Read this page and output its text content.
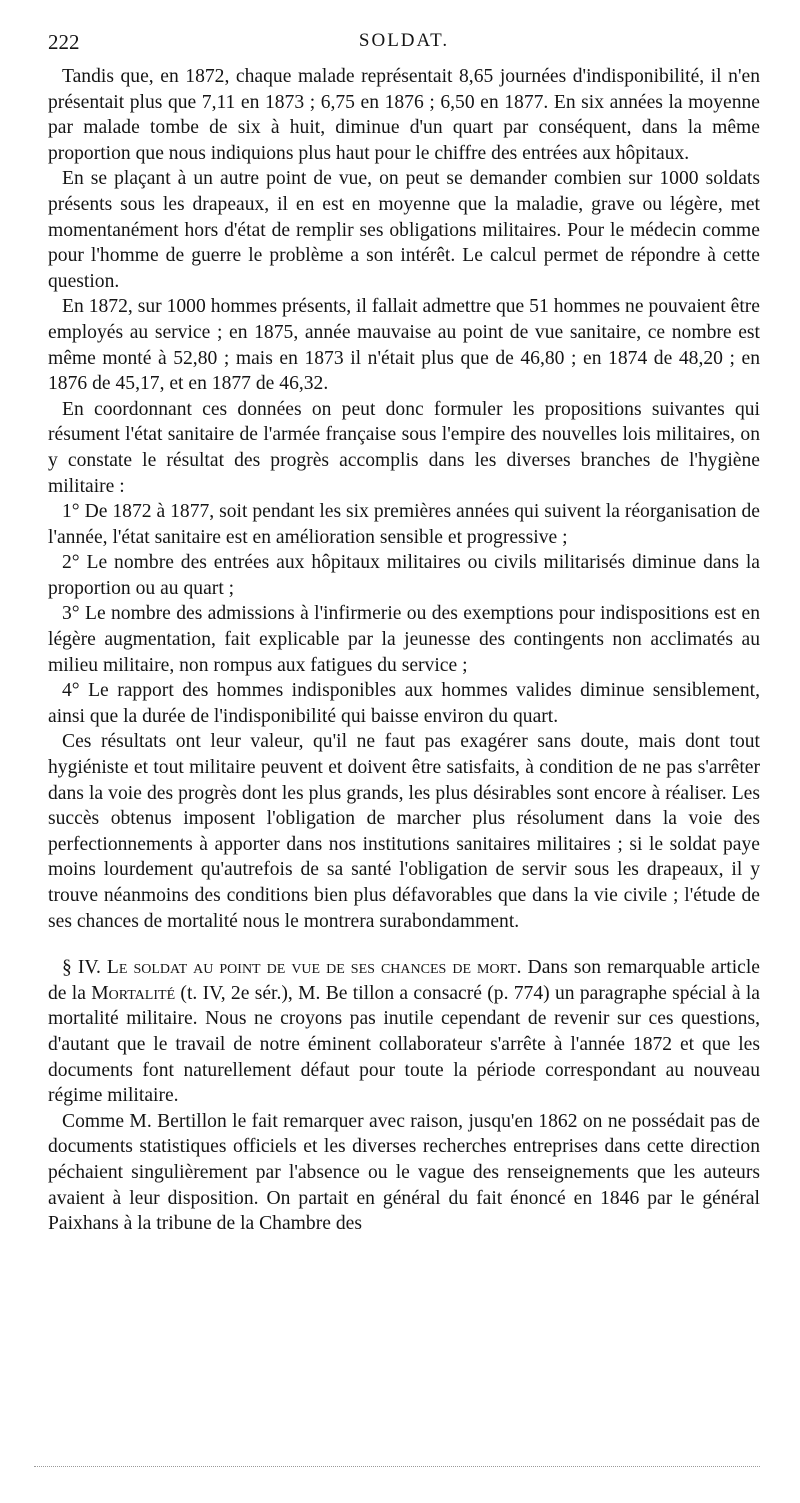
SOLDAT.
222

Tandis que, en 1872, chaque malade représentait 8,65 journées d'indisponibilité, il n'en présentait plus que 7,11 en 1873 ; 6,75 en 1876 ; 6,50 en 1877. En six années la moyenne par malade tombe de six à huit, diminue d'un quart par conséquent, dans la même proportion que nous indiquions plus haut pour le chiffre des entrées aux hôpitaux.

En se plaçant à un autre point de vue, on peut se demander combien sur 1000 soldats présents sous les drapeaux, il en est en moyenne que la maladie, grave ou légère, met momentanément hors d'état de remplir ses obligations militaires. Pour le médecin comme pour l'homme de guerre le problème a son intérêt. Le calcul permet de répondre à cette question.

En 1872, sur 1000 hommes présents, il fallait admettre que 51 hommes ne pouvaient être employés au service ; en 1875, année mauvaise au point de vue sanitaire, ce nombre est même monté à 52,80 ; mais en 1873 il n'était plus que de 46,80 ; en 1874 de 48,20 ; en 1876 de 45,17, et en 1877 de 46,32.

En coordonnant ces données on peut donc formuler les propositions suivantes qui résument l'état sanitaire de l'armée française sous l'empire des nouvelles lois militaires, on y constate le résultat des progrès accomplis dans les diverses branches de l'hygiène militaire :

1° De 1872 à 1877, soit pendant les six premières années qui suivent la réorganisation de l'année, l'état sanitaire est en amélioration sensible et progressive ;

2° Le nombre des entrées aux hôpitaux militaires ou civils militarisés diminue dans la proportion ou au quart ;

3° Le nombre des admissions à l'infirmerie ou des exemptions pour indispositions est en légère augmentation, fait explicable par la jeunesse des contingents non acclimatés au milieu militaire, non rompus aux fatigues du service ;

4° Le rapport des hommes indisponibles aux hommes valides diminue sensiblement, ainsi que la durée de l'indisponibilité qui baisse environ du quart.

Ces résultats ont leur valeur, qu'il ne faut pas exagérer sans doute, mais dont tout hygiéniste et tout militaire peuvent et doivent être satisfaits, à condition de ne pas s'arrêter dans la voie des progrès dont les plus grands, les plus désirables sont encore à réaliser. Les succès obtenus imposent l'obligation de marcher plus résolument dans la voie des perfectionnements à apporter dans nos institutions sanitaires militaires ; si le soldat paye moins lourdement qu'autrefois de sa santé l'obligation de servir sous les drapeaux, il y trouve néanmoins des conditions bien plus défavorables que dans la vie civile ; l'étude de ses chances de mortalité nous le montrera surabondamment.

§ IV. Le soldat au point de vue de ses chances de mort. Dans son remarquable article de la Mortalité (t. IV, 2e sér.), M. Be tillon a consacré (p. 774) un paragraphe spécial à la mortalité militaire. Nous ne croyons pas inutile cependant de revenir sur ces questions, d'autant que le travail de notre éminent collaborateur s'arrête à l'année 1872 et que les documents font naturellement défaut pour toute la période correspondant au nouveau régime militaire.

Comme M. Bertillon le fait remarquer avec raison, jusqu'en 1862 on ne possédait pas de documents statistiques officiels et les diverses recherches entreprises dans cette direction péchaient singulièrement par l'absence ou le vague des renseignements que les auteurs avaient à leur disposition. On partait en général du fait énoncé en 1846 par le général Paixhans à la tribune de la Chambre des
